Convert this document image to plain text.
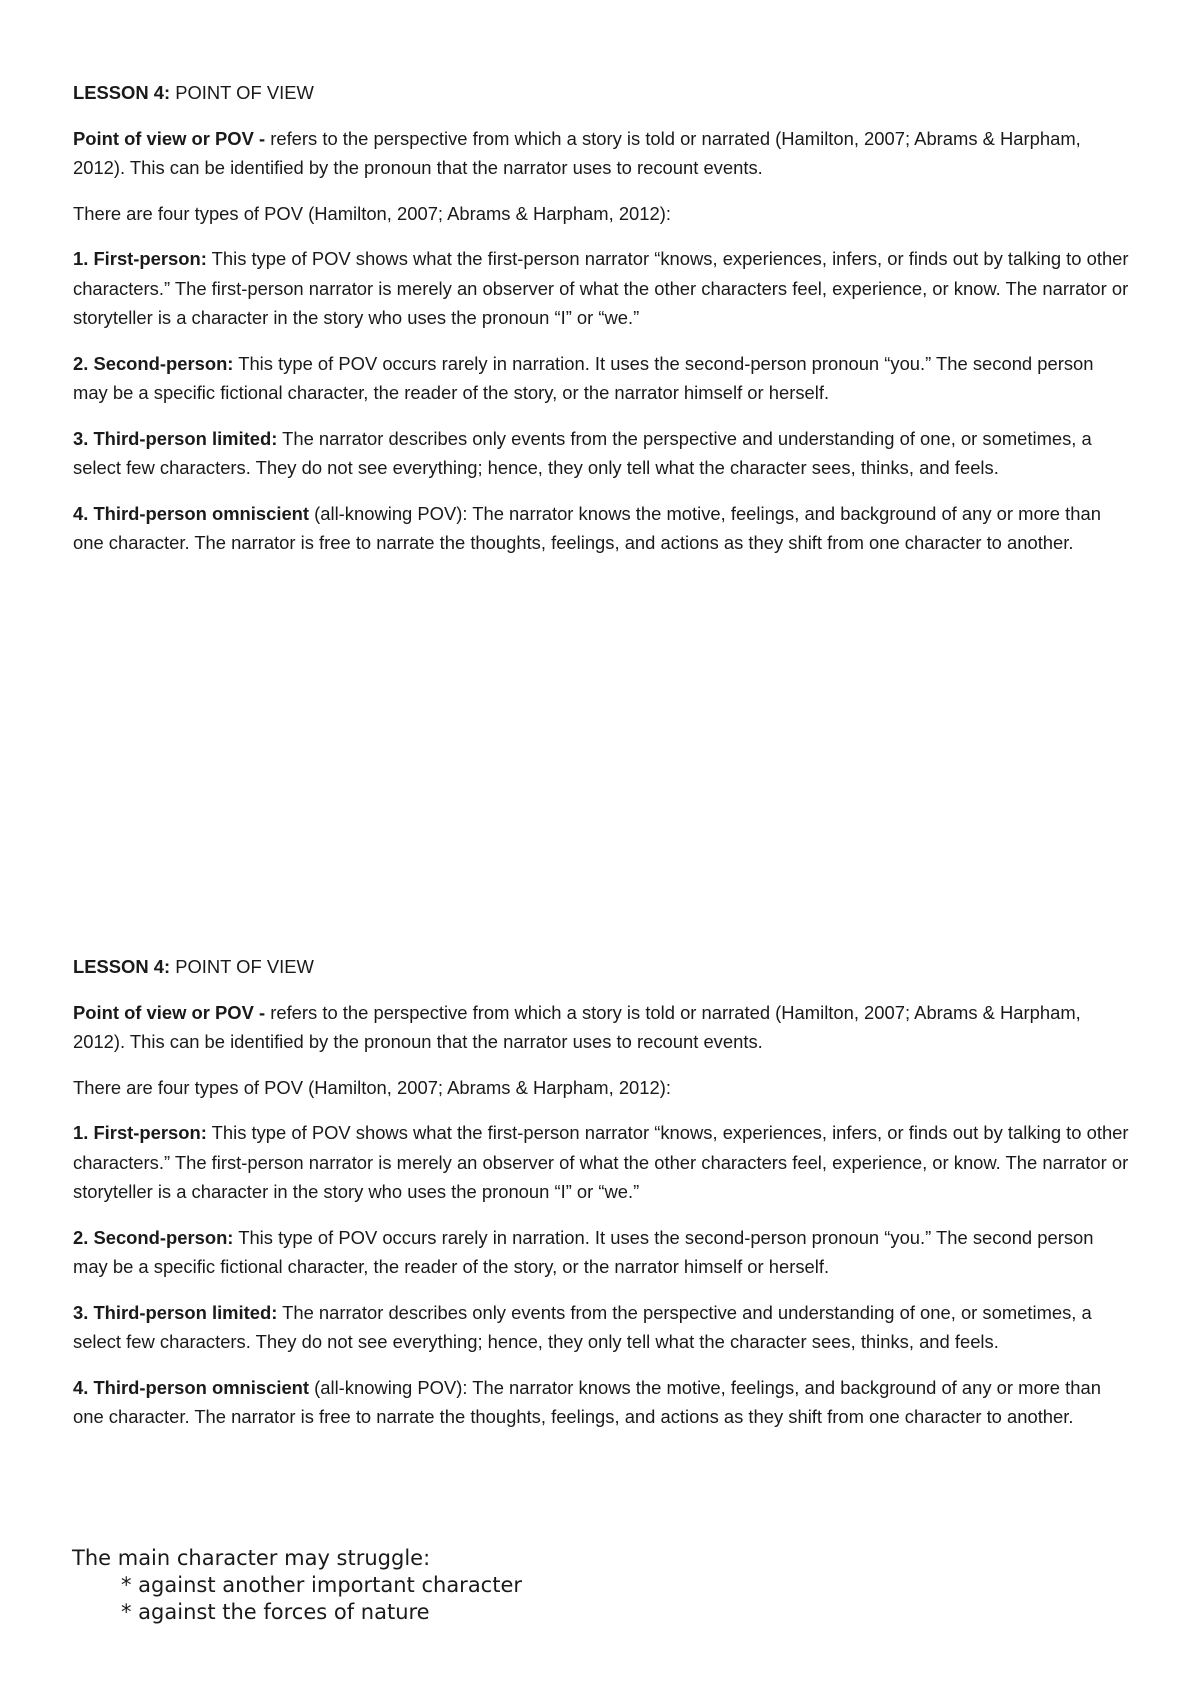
LESSON 4: POINT OF VIEW

Point of view or POV - refers to the perspective from which a story is told or narrated (Hamilton, 2007; Abrams & Harpham, 2012). This can be identified by the pronoun that the narrator uses to recount events.

There are four types of POV (Hamilton, 2007; Abrams & Harpham, 2012):

1. First-person: This type of POV shows what the first-person narrator “knows, experiences, infers, or finds out by talking to other characters.” The first-person narrator is merely an observer of what the other characters feel, experience, or know. The narrator or storyteller is a character in the story who uses the pronoun “I” or “we.”

2. Second-person: This type of POV occurs rarely in narration. It uses the second-person pronoun “you.” The second person may be a specific fictional character, the reader of the story, or the narrator himself or herself.

3. Third-person limited: The narrator describes only events from the perspective and understanding of one, or sometimes, a select few characters. They do not see everything; hence, they only tell what the character sees, thinks, and feels.

4. Third-person omniscient (all-knowing POV): The narrator knows the motive, feelings, and background of any or more than one character. The narrator is free to narrate the thoughts, feelings, and actions as they shift from one character to another.

LESSON 4: POINT OF VIEW

Point of view or POV - refers to the perspective from which a story is told or narrated (Hamilton, 2007; Abrams & Harpham, 2012). This can be identified by the pronoun that the narrator uses to recount events.

There are four types of POV (Hamilton, 2007; Abrams & Harpham, 2012):

1. First-person: This type of POV shows what the first-person narrator “knows, experiences, infers, or finds out by talking to other characters.” The first-person narrator is merely an observer of what the other characters feel, experience, or know. The narrator or storyteller is a character in the story who uses the pronoun “I” or “we.”

2. Second-person: This type of POV occurs rarely in narration. It uses the second-person pronoun “you.” The second person may be a specific fictional character, the reader of the story, or the narrator himself or herself.

3. Third-person limited: The narrator describes only events from the perspective and understanding of one, or sometimes, a select few characters. They do not see everything; hence, they only tell what the character sees, thinks, and feels.

4. Third-person omniscient (all-knowing POV): The narrator knows the motive, feelings, and background of any or more than one character. The narrator is free to narrate the thoughts, feelings, and actions as they shift from one character to another.

The main character may struggle:
* against another important character
* against the forces of nature
